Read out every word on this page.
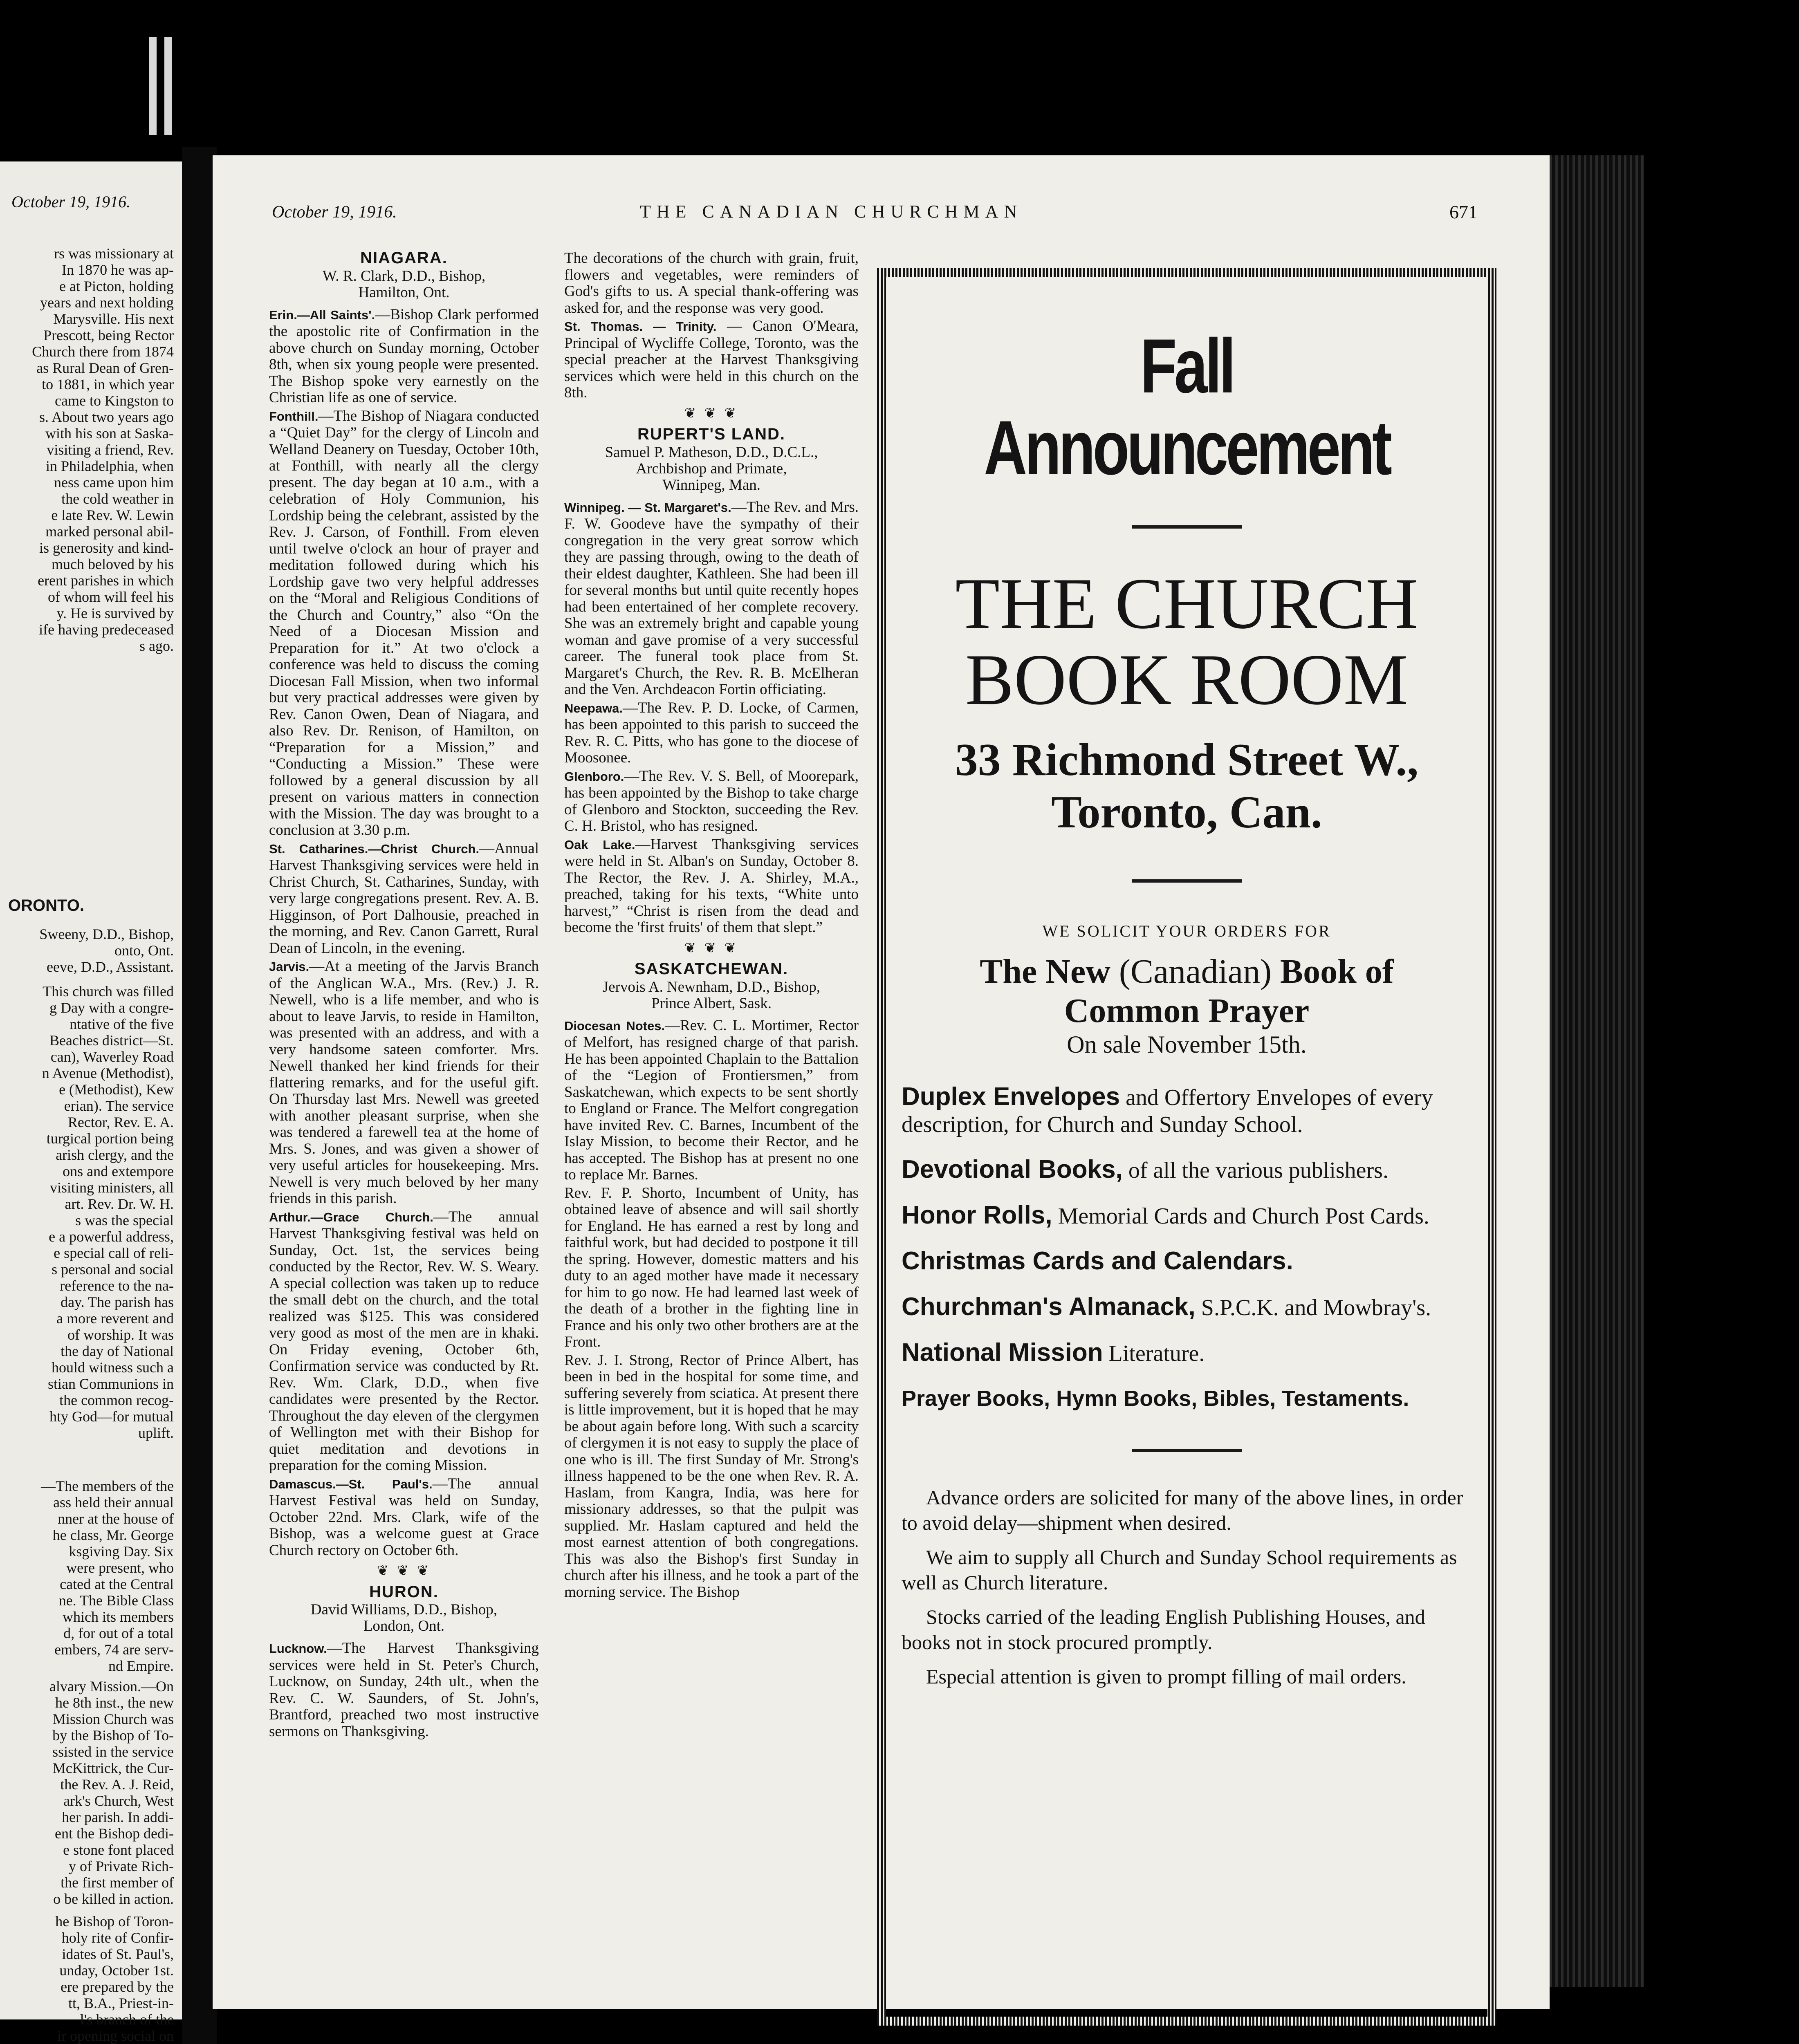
October 19, 1916.
rs was missionary at
In 1870 he was ap-
e at Picton, holding
years and next holding
Marysville. His next
Prescott, being Rector
Church there from 1874
as Rural Dean of Gren-
to 1881, in which year
came to Kingston to
s. About two years ago
with his son at Saska-
visiting a friend, Rev.
in Philadelphia, when
ness came upon him
the cold weather in
e late Rev. W. Lewin
marked personal abil-
is generosity and kind-
much beloved by his
erent parishes in which
of whom will feel his
y. He is survived by
ife having predeceased
s ago.
ORONTO.
Sweeny, D.D., Bishop,
onto, Ont.
eeve, D.D., Assistant.
This church was filled
g Day with a congre-
ntative of the five
Beaches district—St.
can), Waverley Road
n Avenue (Methodist),
e (Methodist), Kew
erian). The service
Rector, Rev. E. A.
turgical portion being
arish clergy, and the
ons and extempore
visiting ministers, all
art. Rev. Dr. W. H.
s was the special
e a powerful address,
e special call of reli-
s personal and social
reference to the na-
day. The parish has
a more reverent and
of worship. It was
the day of National
hould witness such a
stian Communions in
the common recog-
hty God—for mutual
uplift.
—The members of the
ass held their annual
nner at the house of
he class, Mr. George
ksgiving Day. Six
were present, who
cated at the Central
ne. The Bible Class
which its members
d, for out of a total
embers, 74 are serv-
nd Empire.
alvary Mission.—On
he 8th inst., the new
Mission Church was
by the Bishop of To-
ssisted in the service
McKittrick, the Cur-
the Rev. A. J. Reid,
ark's Church, West
her parish. In addi-
ent the Bishop dedi-
e stone font placed
y of Private Rich-
the first member of
o be killed in action.
he Bishop of Toron-
holy rite of Confir-
idates of St. Paul's,
unday, October 1st.
ere prepared by the
tt, B.A., Priest-in-
l's branch of the
ir opening social on

October 19, 1916.	THE CANADIAN CHURCHMAN	671
NIAGARA.

W. R. Clark, D.D., Bishop,
Hamilton, Ont.

Erin.—All Saints'.—Bishop Clark performed the apostolic rite of Confirmation in the above church on Sunday morning, October 8th, when six young people were presented. The Bishop spoke very earnestly on the Christian life as one of service.

Fonthill.—The Bishop of Niagara conducted a “Quiet Day” for the clergy of Lincoln and Welland Deanery on Tuesday, October 10th, at Fonthill, with nearly all the clergy present. The day began at 10 a.m., with a celebration of Holy Communion, his Lordship being the celebrant, assisted by the Rev. J. Carson, of Fonthill. From eleven until twelve o'clock an hour of prayer and meditation followed during which his Lordship gave two very helpful addresses on the “Moral and Religious Conditions of the Church and Country,” also “On the Need of a Diocesan Mission and Preparation for it.” At two o'clock a conference was held to discuss the coming Diocesan Fall Mission, when two informal but very practical addresses were given by Rev. Canon Owen, Dean of Niagara, and also Rev. Dr. Renison, of Hamilton, on “Preparation for a Mission,” and “Conducting a Mission.” These were followed by a general discussion by all present on various matters in connection with the Mission. The day was brought to a conclusion at 3.30 p.m.

St. Catharines.—Christ Church.—Annual Harvest Thanksgiving services were held in Christ Church, St. Catharines, Sunday, with very large congregations present. Rev. A. B. Higginson, of Port Dalhousie, preached in the morning, and Rev. Canon Garrett, Rural Dean of Lincoln, in the evening.

Jarvis.—At a meeting of the Jarvis Branch of the Anglican W.A., Mrs. (Rev.) J. R. Newell, who is a life member, and who is about to leave Jarvis, to reside in Hamilton, was presented with an address, and with a very handsome sateen comforter. Mrs. Newell thanked her kind friends for their flattering remarks, and for the useful gift. On Thursday last Mrs. Newell was greeted with another pleasant surprise, when she was tendered a farewell tea at the home of Mrs. S. Jones, and was given a shower of very useful articles for housekeeping. Mrs. Newell is very much beloved by her many friends in this parish.

Arthur.—Grace Church.—The annual Harvest Thanksgiving festival was held on Sunday, Oct. 1st, the services being conducted by the Rector, Rev. W. S. Weary. A special collection was taken up to reduce the small debt on the church, and the total realized was $125. This was considered very good as most of the men are in khaki. On Friday evening, October 6th, Confirmation service was conducted by Rt. Rev. Wm. Clark, D.D., when five candidates were presented by the Rector. Throughout the day eleven of the clergymen of Wellington met with their Bishop for quiet meditation and devotions in preparation for the coming Mission.

Damascus.—St. Paul's.—The annual Harvest Festival was held on Sunday, October 22nd. Mrs. Clark, wife of the Bishop, was a welcome guest at Grace Church rectory on October 6th.

❦ ❦ ❦
HURON.

David Williams, D.D., Bishop,
London, Ont.

Lucknow.—The Harvest Thanksgiving services were held in St. Peter's Church, Lucknow, on Sunday, 24th ult., when the Rev. C. W. Saunders, of St. John's, Brantford, preached two most instructive sermons on Thanksgiving.

The decorations of the church with grain, fruit, flowers and vegetables, were reminders of God's gifts to us. A special thank-offering was asked for, and the response was very good.

St. Thomas. — Trinity. — Canon O'Meara, Principal of Wycliffe College, Toronto, was the special preacher at the Harvest Thanksgiving services which were held in this church on the 8th.

❦ ❦ ❦
RUPERT'S LAND.

Samuel P. Matheson, D.D., D.C.L.,
Archbishop and Primate,
Winnipeg, Man.

Winnipeg. — St. Margaret's.—The Rev. and Mrs. F. W. Goodeve have the sympathy of their congregation in the very great sorrow which they are passing through, owing to the death of their eldest daughter, Kathleen. She had been ill for several months but until quite recently hopes had been entertained of her complete recovery. She was an extremely bright and capable young woman and gave promise of a very successful career. The funeral took place from St. Margaret's Church, the Rev. R. B. McElheran and the Ven. Archdeacon Fortin officiating.

Neepawa.—The Rev. P. D. Locke, of Carmen, has been appointed to this parish to succeed the Rev. R. C. Pitts, who has gone to the diocese of Moosonee.

Glenboro.—The Rev. V. S. Bell, of Moorepark, has been appointed by the Bishop to take charge of Glenboro and Stockton, succeeding the Rev. C. H. Bristol, who has resigned.

Oak Lake.—Harvest Thanksgiving services were held in St. Alban's on Sunday, October 8. The Rector, the Rev. J. A. Shirley, M.A., preached, taking for his texts, “White unto harvest,” “Christ is risen from the dead and become the 'first fruits' of them that slept.”

❦ ❦ ❦
SASKATCHEWAN.

Jervois A. Newnham, D.D., Bishop,
Prince Albert, Sask.

Diocesan Notes.—Rev. C. L. Mortimer, Rector of Melfort, has resigned charge of that parish. He has been appointed Chaplain to the Battalion of the “Legion of Frontiersmen,” from Saskatchewan, which expects to be sent shortly to England or France. The Melfort congregation have invited Rev. C. Barnes, Incumbent of the Islay Mission, to become their Rector, and he has accepted. The Bishop has at present no one to replace Mr. Barnes.

Rev. F. P. Shorto, Incumbent of Unity, has obtained leave of absence and will sail shortly for England. He has earned a rest by long and faithful work, but had decided to postpone it till the spring. However, domestic matters and his duty to an aged mother have made it necessary for him to go now. He had learned last week of the death of a brother in the fighting line in France and his only two other brothers are at the Front.

Rev. J. I. Strong, Rector of Prince Albert, has been in bed in the hospital for some time, and suffering severely from sciatica. At present there is little improvement, but it is hoped that he may be about again before long. With such a scarcity of clergymen it is not easy to supply the place of one who is ill. The first Sunday of Mr. Strong's illness happened to be the one when Rev. R. A. Haslam, from Kangra, India, was here for missionary addresses, so that the pulpit was supplied. Mr. Haslam captured and held the most earnest attention of both congregations. This was also the Bishop's first Sunday in church after his illness, and he took a part of the morning service. The Bishop

Fall Announcement

THE CHURCH

BOOK ROOM

33 Richmond Street W.,

Toronto, Can.

WE SOLICIT YOUR ORDERS FOR

The New (Canadian) Book of

Common Prayer

On sale November 15th.

Duplex Envelopes and Offertory Envelopes of every description, for Church and Sunday School.

Devotional Books, of all the various publishers.

Honor Rolls, Memorial Cards and Church Post Cards.

Christmas Cards and Calendars.

Churchman's Almanack, S.P.C.K. and Mowbray's.

National Mission Literature.

Prayer Books, Hymn Books, Bibles, Testaments.

Advance orders are solicited for many of the above lines, in order to avoid delay—shipment when desired.

We aim to supply all Church and Sunday School requirements as well as Church literature.

Stocks carried of the leading English Publishing Houses, and books not in stock procured promptly.

Especial attention is given to prompt filling of mail orders.
